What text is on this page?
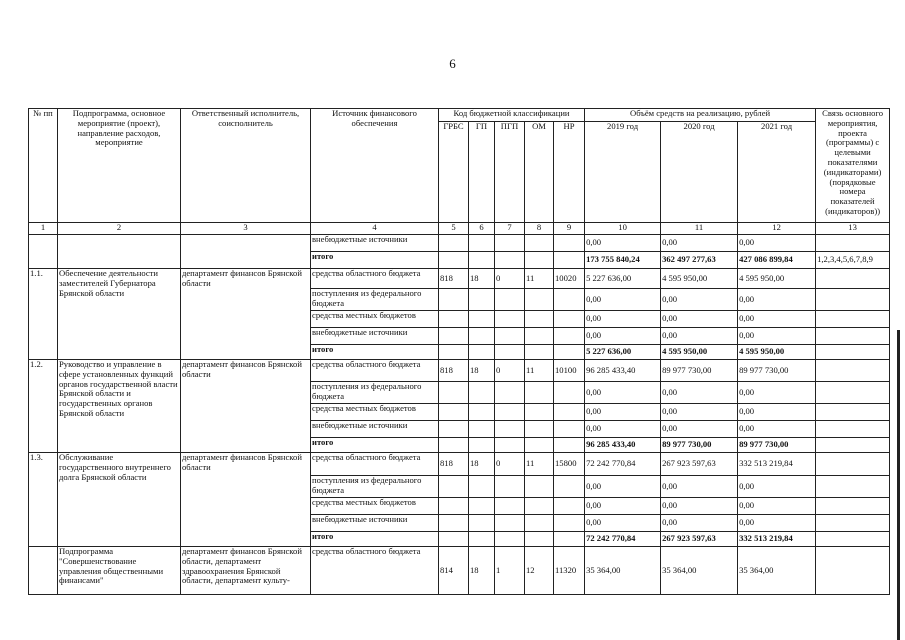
6
№ пп	Подпрограмма, основное мероприятие (проект), направление расходов, мероприятие	Ответственный исполнитель, соисполнитель	Источник финансового обеспечения	Код бюджетной классификации					Объём средств на реализацию, рублей			Связь основного мероприятия, проекта (программы) с целевыми показателями (индикаторами) (порядковые номера показателей (индикаторов))
				ГРБС	ГП	ПГП	ОМ	НР	2019 год	2020 год	2021 год	
1	2	3	4	5	6	7	8	9	10	11	12	13
			внебюджетные источники						0,00	0,00	0,00	
			итого						173 755 840,24	362 497 277,63	427 086 899,84	1,2,3,4,5,6,7,8,9
1.1.	Обеспечение деятельности заместителей Губернатора Брянской области	департамент финансов Брянской области	средства областного бюджета	818	18	0	11	10020	5 227 636,00	4 595 950,00	4 595 950,00	
			поступления из федерального бюджета						0,00	0,00	0,00	
			средства местных бюджетов						0,00	0,00	0,00	
			внебюджетные источники						0,00	0,00	0,00	
			итого						5 227 636,00	4 595 950,00	4 595 950,00	
1.2.	Руководство и управление в сфере установленных функций органов государственной власти Брянской области и государственных органов Брянской области	департамент финансов Брянской области	средства областного бюджета	818	18	0	11	10100	96 285 433,40	89 977 730,00	89 977 730,00	
			поступления из федерального бюджета						0,00	0,00	0,00	
			средства местных бюджетов						0,00	0,00	0,00	
			внебюджетные источники						0,00	0,00	0,00	
			итого						96 285 433,40	89 977 730,00	89 977 730,00	
1.3.	Обслуживание государственного внутреннего долга Брянской области	департамент финансов Брянской области	средства областного бюджета	818	18	0	11	15800	72 242 770,84	267 923 597,63	332 513 219,84	
			поступления из федерального бюджета						0,00	0,00	0,00	
			средства местных бюджетов						0,00	0,00	0,00	
			внебюджетные источники						0,00	0,00	0,00	
			итого						72 242 770,84	267 923 597,63	332 513 219,84	
	Подпрограмма "Совершенствование управления общественными финансами"	департамент финансов Брянской области, департамент здравоохранения Брянской области, департамент культу-	средства областного бюджета	814	18	1	12	11320	35 364,00	35 364,00	35 364,00	
